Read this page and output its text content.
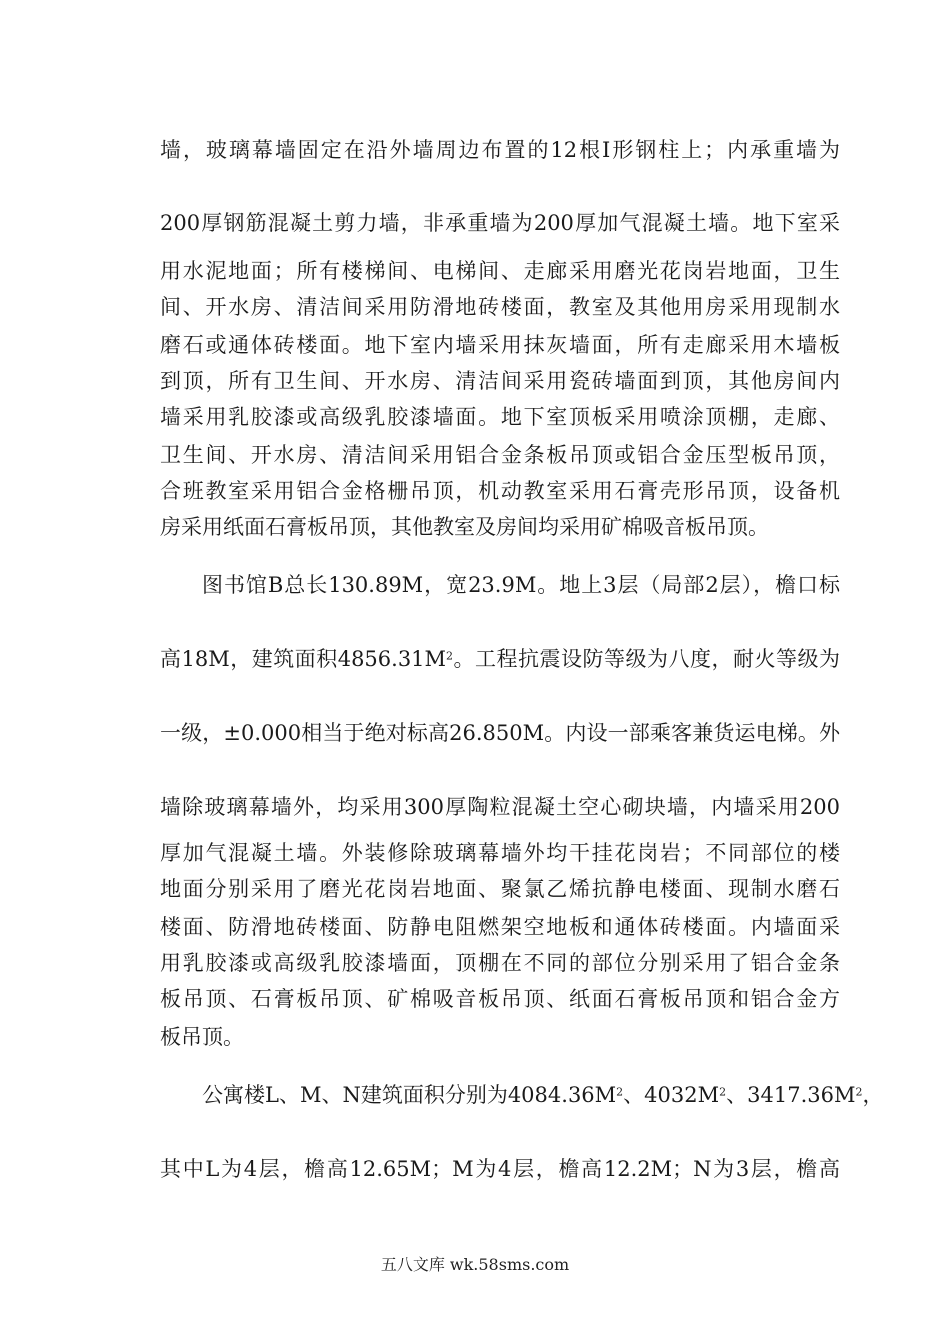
墙，玻璃幕墙固定在沿外墙周边布置的12根I形钢柱上；内承重墙为
200厚钢筋混凝土剪力墙，非承重墙为200厚加气混凝土墙。地下室采
用水泥地面；所有楼梯间、电梯间、走廊采用磨光花岗岩地面，卫生
间、开水房、清洁间采用防滑地砖楼面，教室及其他用房采用现制水
磨石或通体砖楼面。地下室内墙采用抹灰墙面，所有走廊采用木墙板
到顶，所有卫生间、开水房、清洁间采用瓷砖墙面到顶，其他房间内
墙采用乳胶漆或高级乳胶漆墙面。地下室顶板采用喷涂顶棚，走廊、
卫生间、开水房、清洁间采用铝合金条板吊顶或铝合金压型板吊顶，
合班教室采用铝合金格栅吊顶，机动教室采用石膏壳形吊顶，设备机
房采用纸面石膏板吊顶，其他教室及房间均采用矿棉吸音板吊顶。
图书馆B总长130.89M，宽23.9M。地上3层（局部2层），檐口标
高18M，建筑面积$4856.31M^2$。工程抗震设防等级为八度，耐火等级为
一级，±0.000相当于绝对标高26.850M。内设一部乘客兼货运电梯。外
墙除玻璃幕墙外，均采用300厚陶粒混凝土空心砌块墙，内墙采用200
厚加气混凝土墙。外装修除玻璃幕墙外均干挂花岗岩；不同部位的楼
地面分别采用了磨光花岗岩地面、聚氯乙烯抗静电楼面、现制水磨石
楼面、防滑地砖楼面、防静电阻燃架空地板和通体砖楼面。内墙面采
用乳胶漆或高级乳胶漆墙面，顶棚在不同的部位分别采用了铝合金条
板吊顶、石膏板吊顶、矿棉吸音板吊顶、纸面石膏板吊顶和铝合金方
板吊顶。
公寓楼L、M、N建筑面积分别为$4084.36M^2$、$4032M^2$、$3417.36M^2$，
其中L为4层，檐高12.65M；M为4层，檐高12.2M；N为3层，檐高
五八文库 wk.58sms.com
